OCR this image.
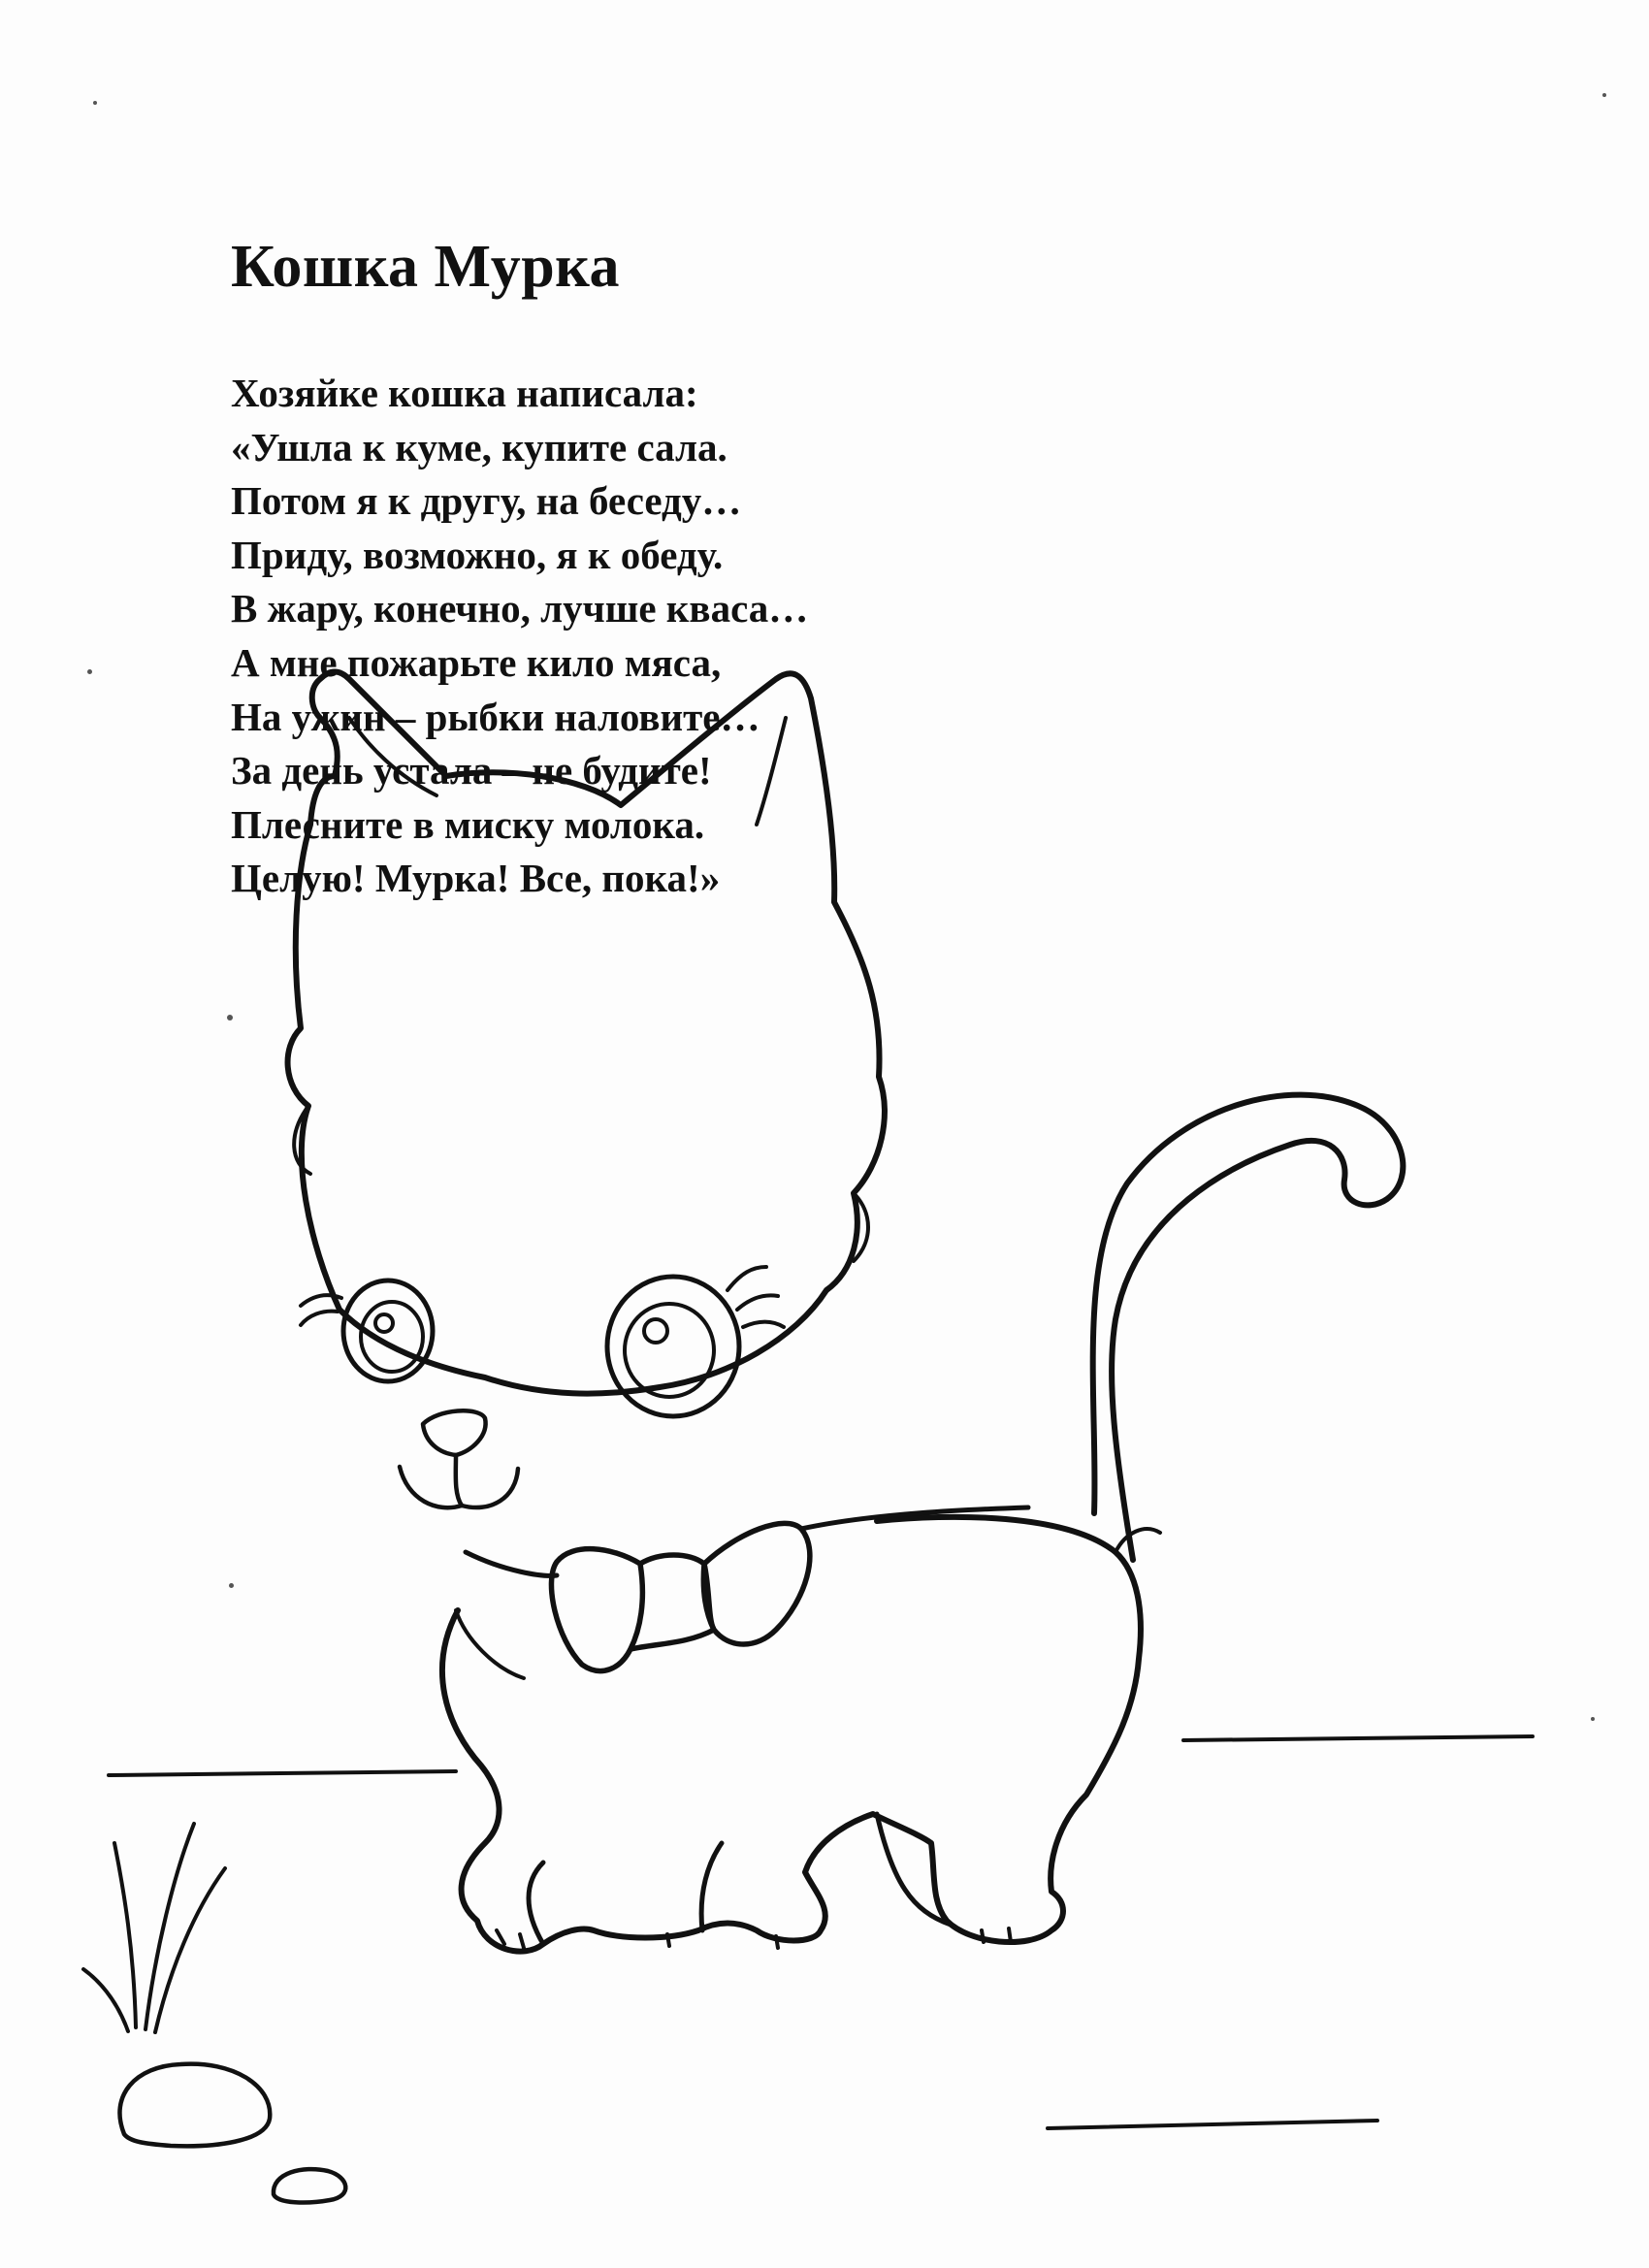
Кошка Мурка
Хозяйке кошка написала:
«Ушла к куме, купите сала.
Потом я к другу, на беседу…
Приду, возможно, я к обеду.
В жару, конечно, лучше кваса…
А мне пожарьте кило мяса,
На ужин – рыбки наловите…
За день устала – не будите!
Плесните в миску молока.
Целую! Мурка! Все, пока!»
